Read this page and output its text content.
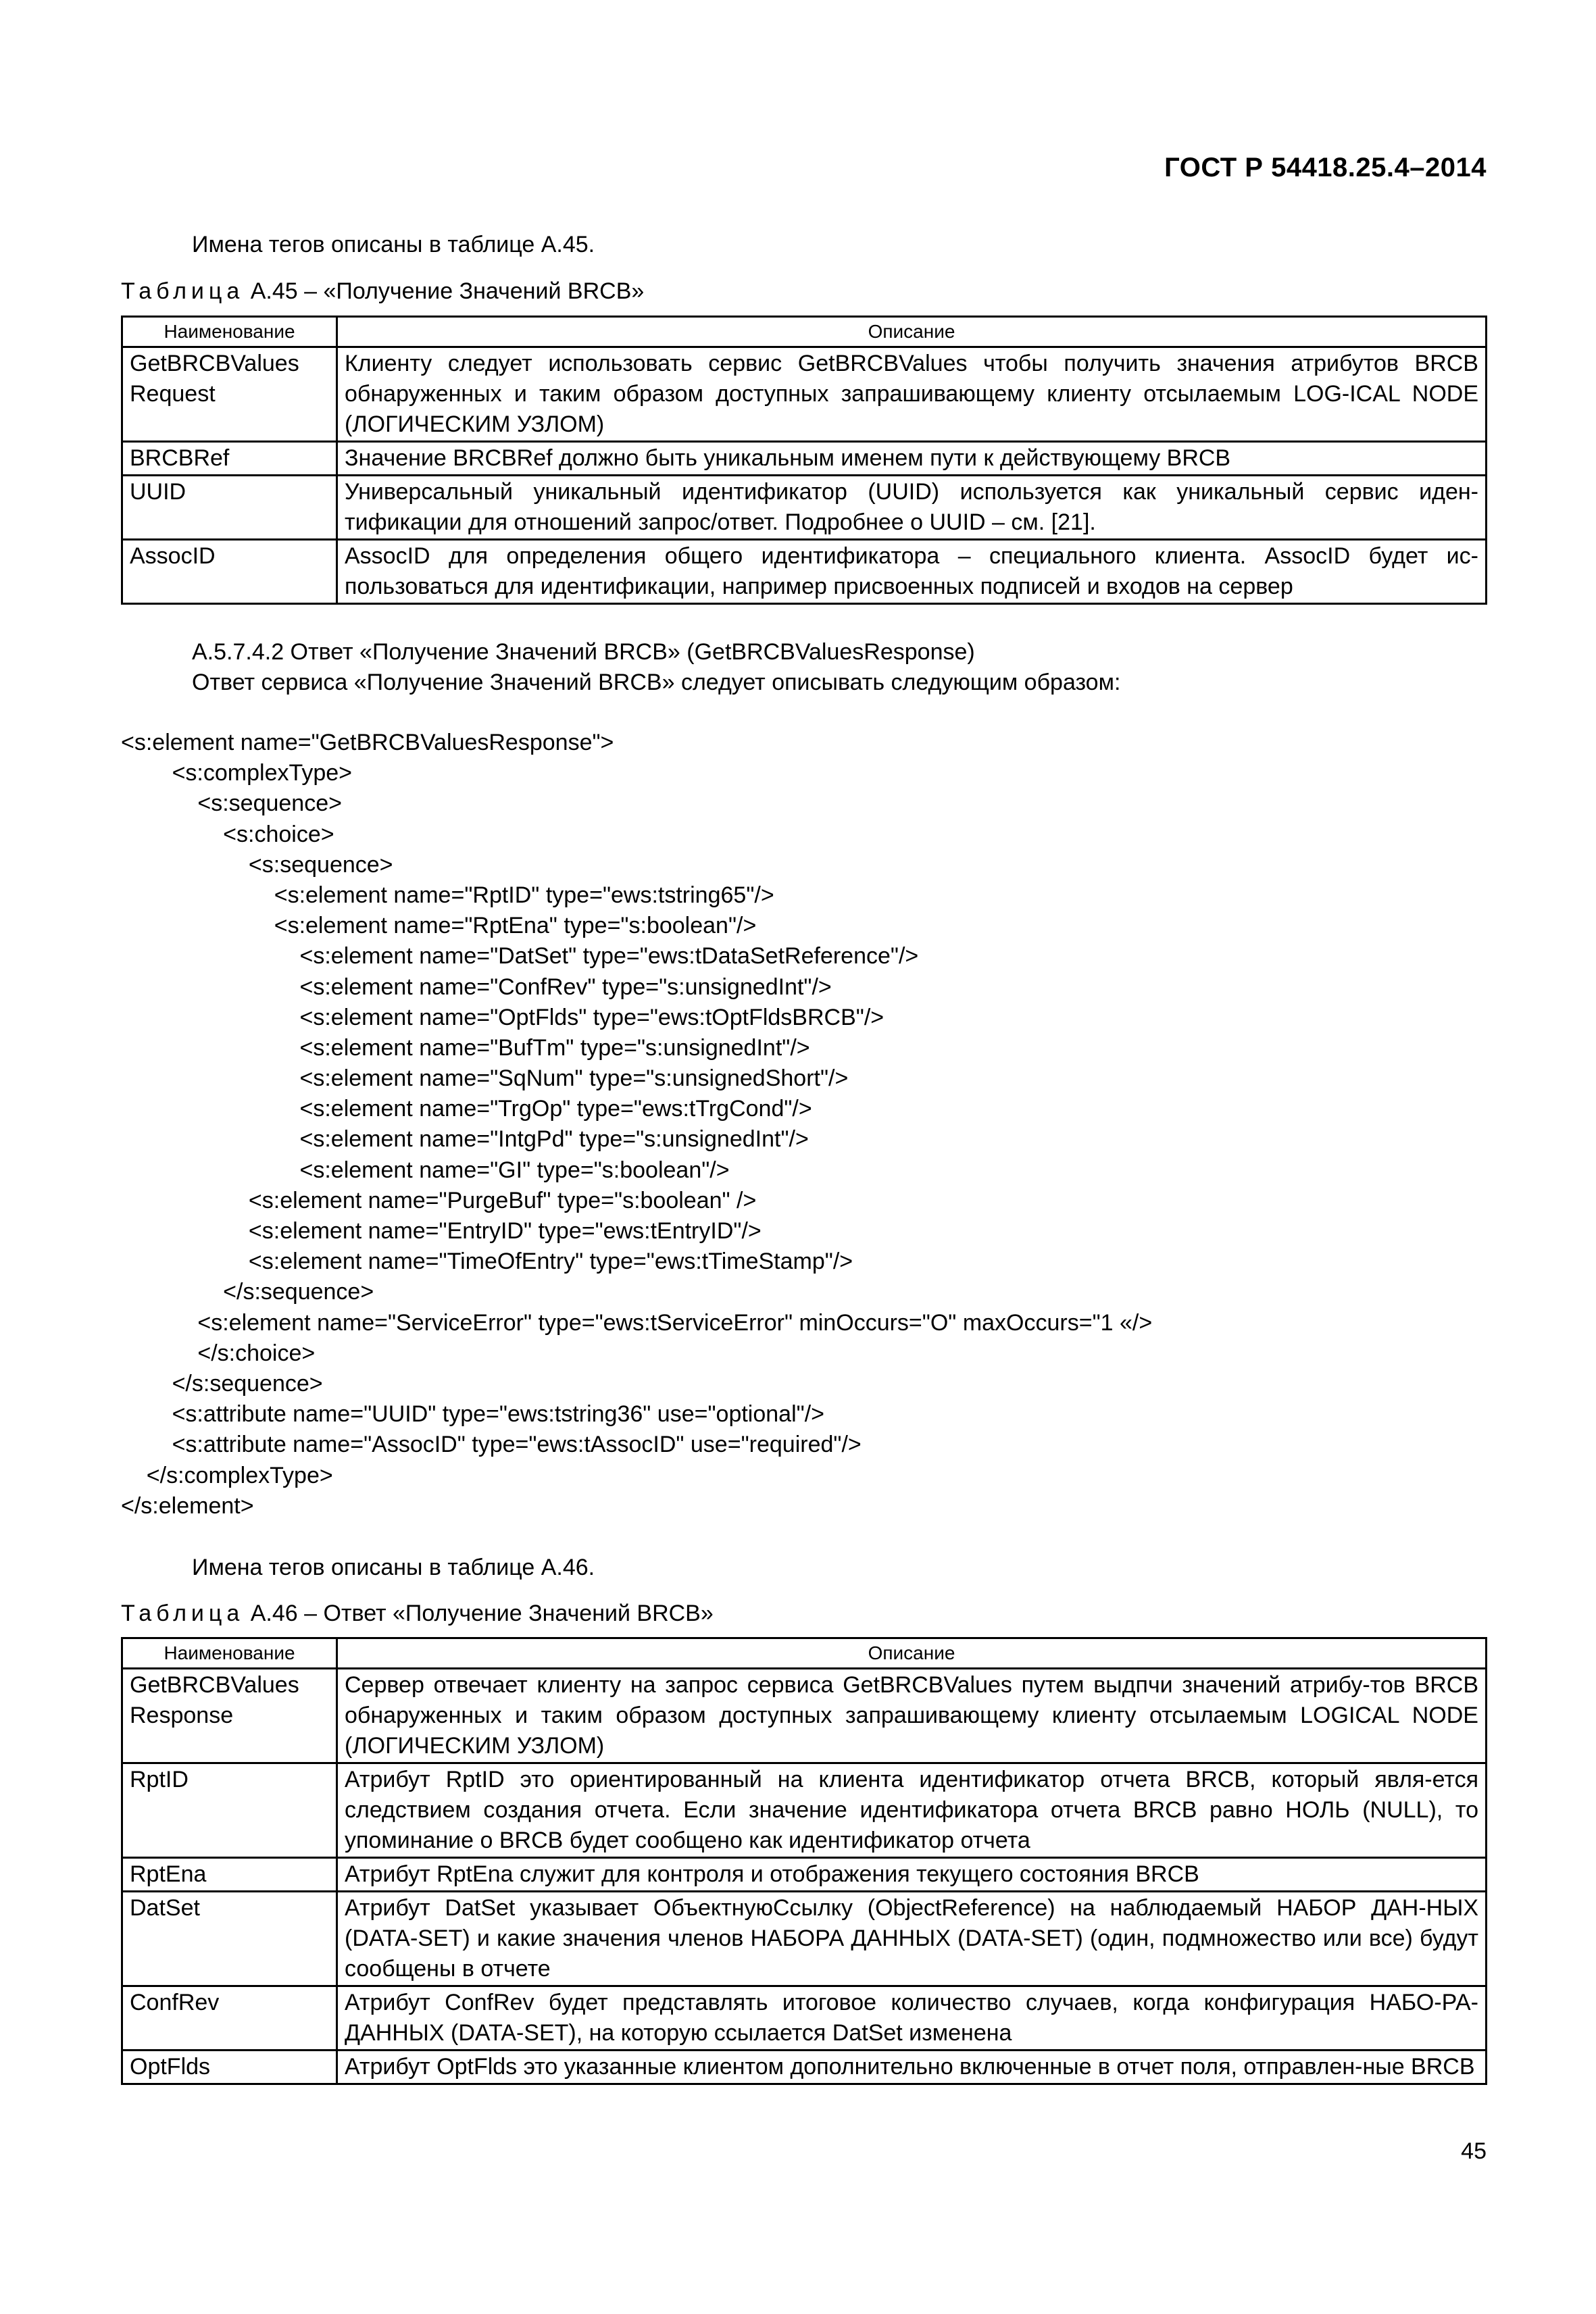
ГОСТ Р 54418.25.4–2014
Имена тегов описаны в таблице А.45.
Таблица А.45 – «Получение Значений BRCB»
Наименование	Описание
GetBRCBValues Request	Клиенту следует использовать сервис GetBRCBValues чтобы получить значения атрибутов BRCB обнаруженных и таким образом доступных запрашивающему клиенту отсылаемым LOG-ICAL NODE (ЛОГИЧЕСКИМ УЗЛОМ)
BRCBRef	Значение BRCBRef должно быть уникальным именем пути к действующему BRCB
UUID	Универсальный уникальный идентификатор (UUID) используется как уникальный сервис иден-тификации для отношений запрос/ответ. Подробнее о UUID – см. [21].
AssocID	AssocID для определения общего идентификатора – специального клиента. AssocID будет ис-пользоваться для идентификации, например присвоенных подписей и входов на сервер
А.5.7.4.2 Ответ «Получение Значений BRCB» (GetBRCBValuesResponse)
Ответ сервиса «Получение Значений BRCB» следует описывать следующим образом:
<s:element name="GetBRCBValuesResponse">
<s:complexType>
<s:sequence>
<s:choice>
<s:sequence>
<s:element name="RptID" type="ews:tstring65"/>
<s:element name="RptEna" type="s:boolean"/>
<s:element name="DatSet" type="ews:tDataSetReference"/>
<s:element name="ConfRev" type="s:unsignedInt"/>
<s:element name="OptFlds" type="ews:tOptFldsBRCB"/>
<s:element name="BufTm" type="s:unsignedInt"/>
<s:element name="SqNum" type="s:unsignedShort"/>
<s:element name="TrgOp" type="ews:tTrgCond"/>
<s:element name="IntgPd" type="s:unsignedInt"/>
<s:element name="GI" type="s:boolean"/>
<s:element name="PurgeBuf" type="s:boolean" />
<s:element name="EntryID" type="ews:tEntryID"/>
<s:element name="TimeOfEntry" type="ews:tTimeStamp"/>
</s:sequence>
<s:element name="ServiceError" type="ews:tServiceError" minOccurs="O" maxOccurs="1 «/>
</s:choice>
</s:sequence>
<s:attribute name="UUID" type="ews:tstring36" use="optional"/>
<s:attribute name="AssocID" type="ews:tAssocID" use="required"/>
</s:complexType>
</s:element>
Имена тегов описаны в таблице А.46.
Таблица А.46 – Ответ «Получение Значений BRCB»
Наименование	Описание
GetBRCBValues Response	Сервер отвечает клиенту на запрос сервиса GetBRCBValues путем выдпчи значений атрибу-тов BRCB обнаруженных и таким образом доступных запрашивающему клиенту отсылаемым LOGICAL NODE (ЛОГИЧЕСКИМ УЗЛОМ)
RptID	Атрибут RptID это ориентированный на клиента идентификатор отчета BRCB, который явля-ется следствием создания отчета. Если значение идентификатора отчета BRCB равно НОЛЬ (NULL), то упоминание о BRCB будет сообщено как идентификатор отчета
RptEna	Атрибут RptEna служит для контроля и отображения текущего состояния BRCB
DatSet	Атрибут DatSet указывает ОбъектнуюСсылку (ObjectReference) на наблюдаемый НАБОР ДАН-НЫХ (DATA-SET) и какие значения членов НАБОРА ДАННЫХ (DATA-SET) (один, подмножество или все) будут сообщены в отчете
ConfRev	Атрибут ConfRev будет представлять итоговое количество случаев, когда конфигурация НАБО-РА-ДАННЫХ (DATA-SET), на которую ссылается DatSet изменена
OptFlds	Атрибут OptFlds это указанные клиентом дополнительно включенные в отчет поля, отправлен-ные BRCB
45
